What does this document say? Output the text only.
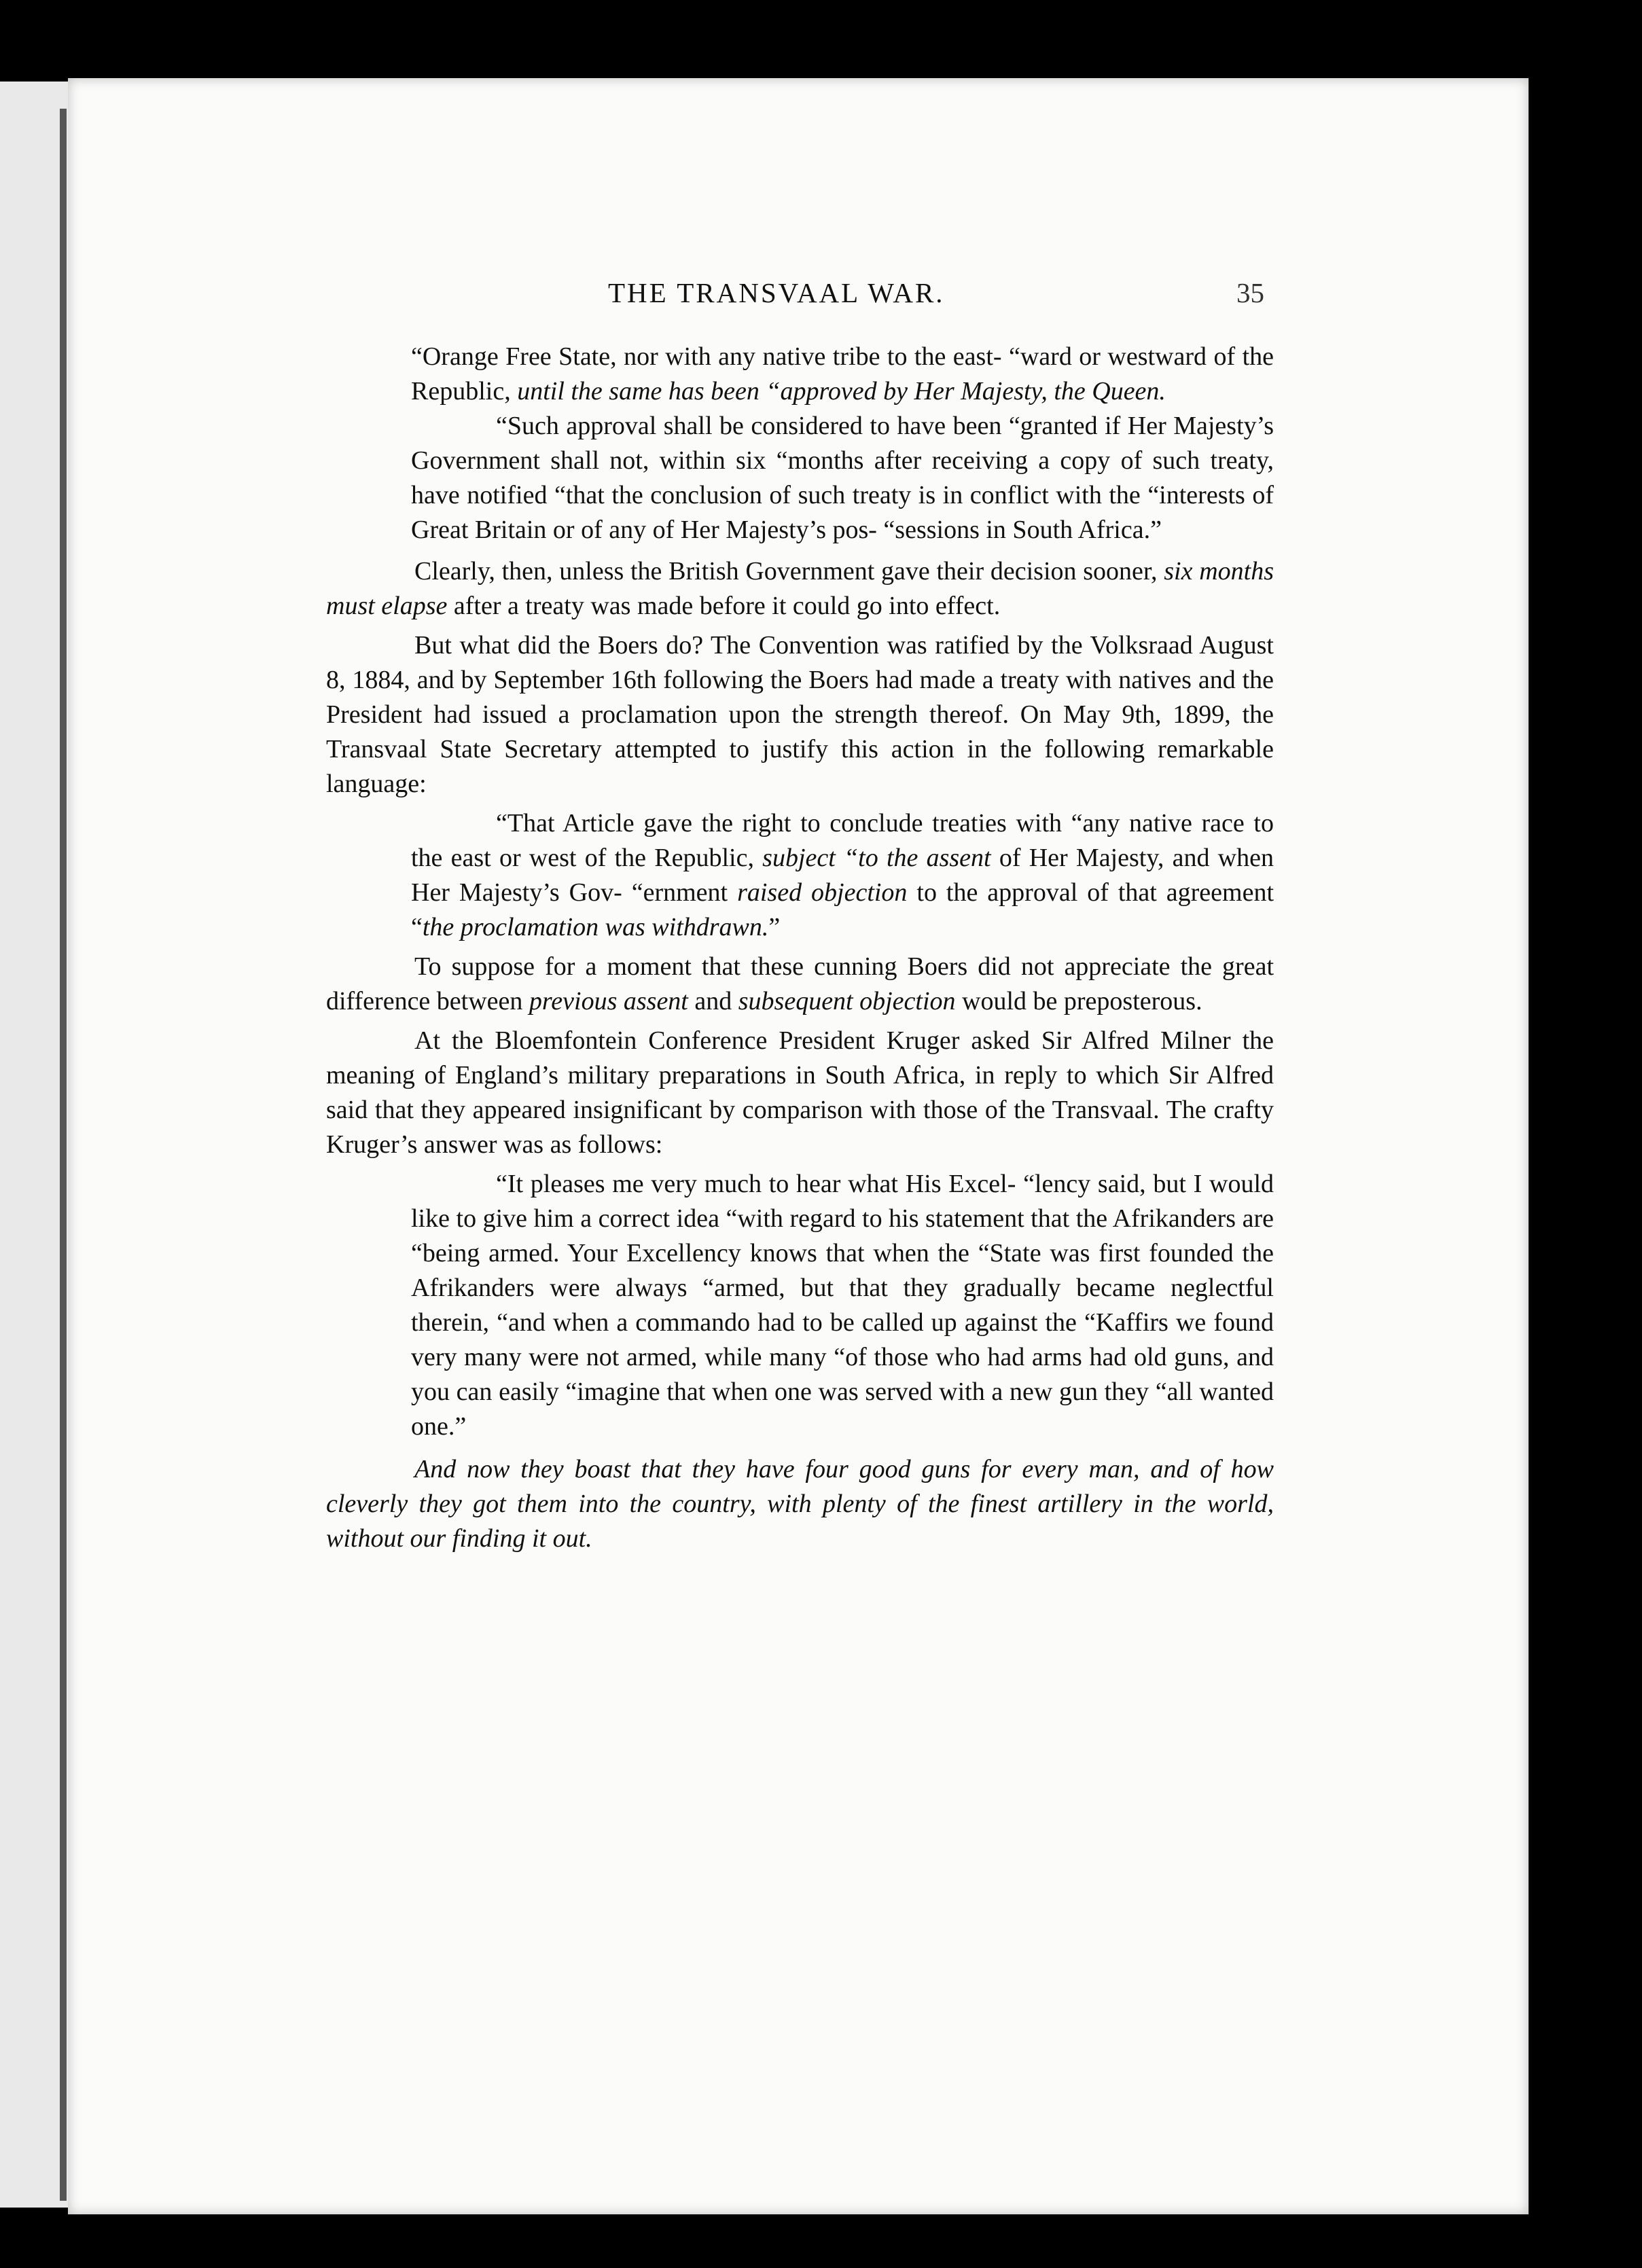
THE TRANSVAAL WAR.	35

“Orange Free State, nor with any native tribe to the east- “ward or westward of the Republic, until the same has been “approved by Her Majesty, the Queen.

“Such approval shall be considered to have been “granted if Her Majesty’s Government shall not, within six “months after receiving a copy of such treaty, have notified “that the conclusion of such treaty is in conflict with the “interests of Great Britain or of any of Her Majesty’s pos- “sessions in South Africa.”

Clearly, then, unless the British Government gave their decision sooner, six months must elapse after a treaty was made before it could go into effect.

But what did the Boers do? The Convention was ratified by the Volksraad August 8, 1884, and by September 16th following the Boers had made a treaty with natives and the President had issued a proclamation upon the strength thereof. On May 9th, 1899, the Transvaal State Secretary attempted to justify this action in the following remarkable language:

“That Article gave the right to conclude treaties with “any native race to the east or west of the Republic, subject “to the assent of Her Majesty, and when Her Majesty’s Gov- “ernment raised objection to the approval of that agreement “the proclamation was withdrawn.”

To suppose for a moment that these cunning Boers did not appreciate the great difference between previous assent and subsequent objection would be preposterous.

At the Bloemfontein Conference President Kruger asked Sir Alfred Milner the meaning of England’s military preparations in South Africa, in reply to which Sir Alfred said that they appeared insignificant by comparison with those of the Transvaal. The crafty Kruger’s answer was as follows:

“It pleases me very much to hear what His Excel- “lency said, but I would like to give him a correct idea “with regard to his statement that the Afrikanders are “being armed. Your Excellency knows that when the “State was first founded the Afrikanders were always “armed, but that they gradually became neglectful therein, “and when a commando had to be called up against the “Kaffirs we found very many were not armed, while many “of those who had arms had old guns, and you can easily “imagine that when one was served with a new gun they “all wanted one.”

And now they boast that they have four good guns for every man, and of how cleverly they got them into the country, with plenty of the finest artillery in the world, without our finding it out.
